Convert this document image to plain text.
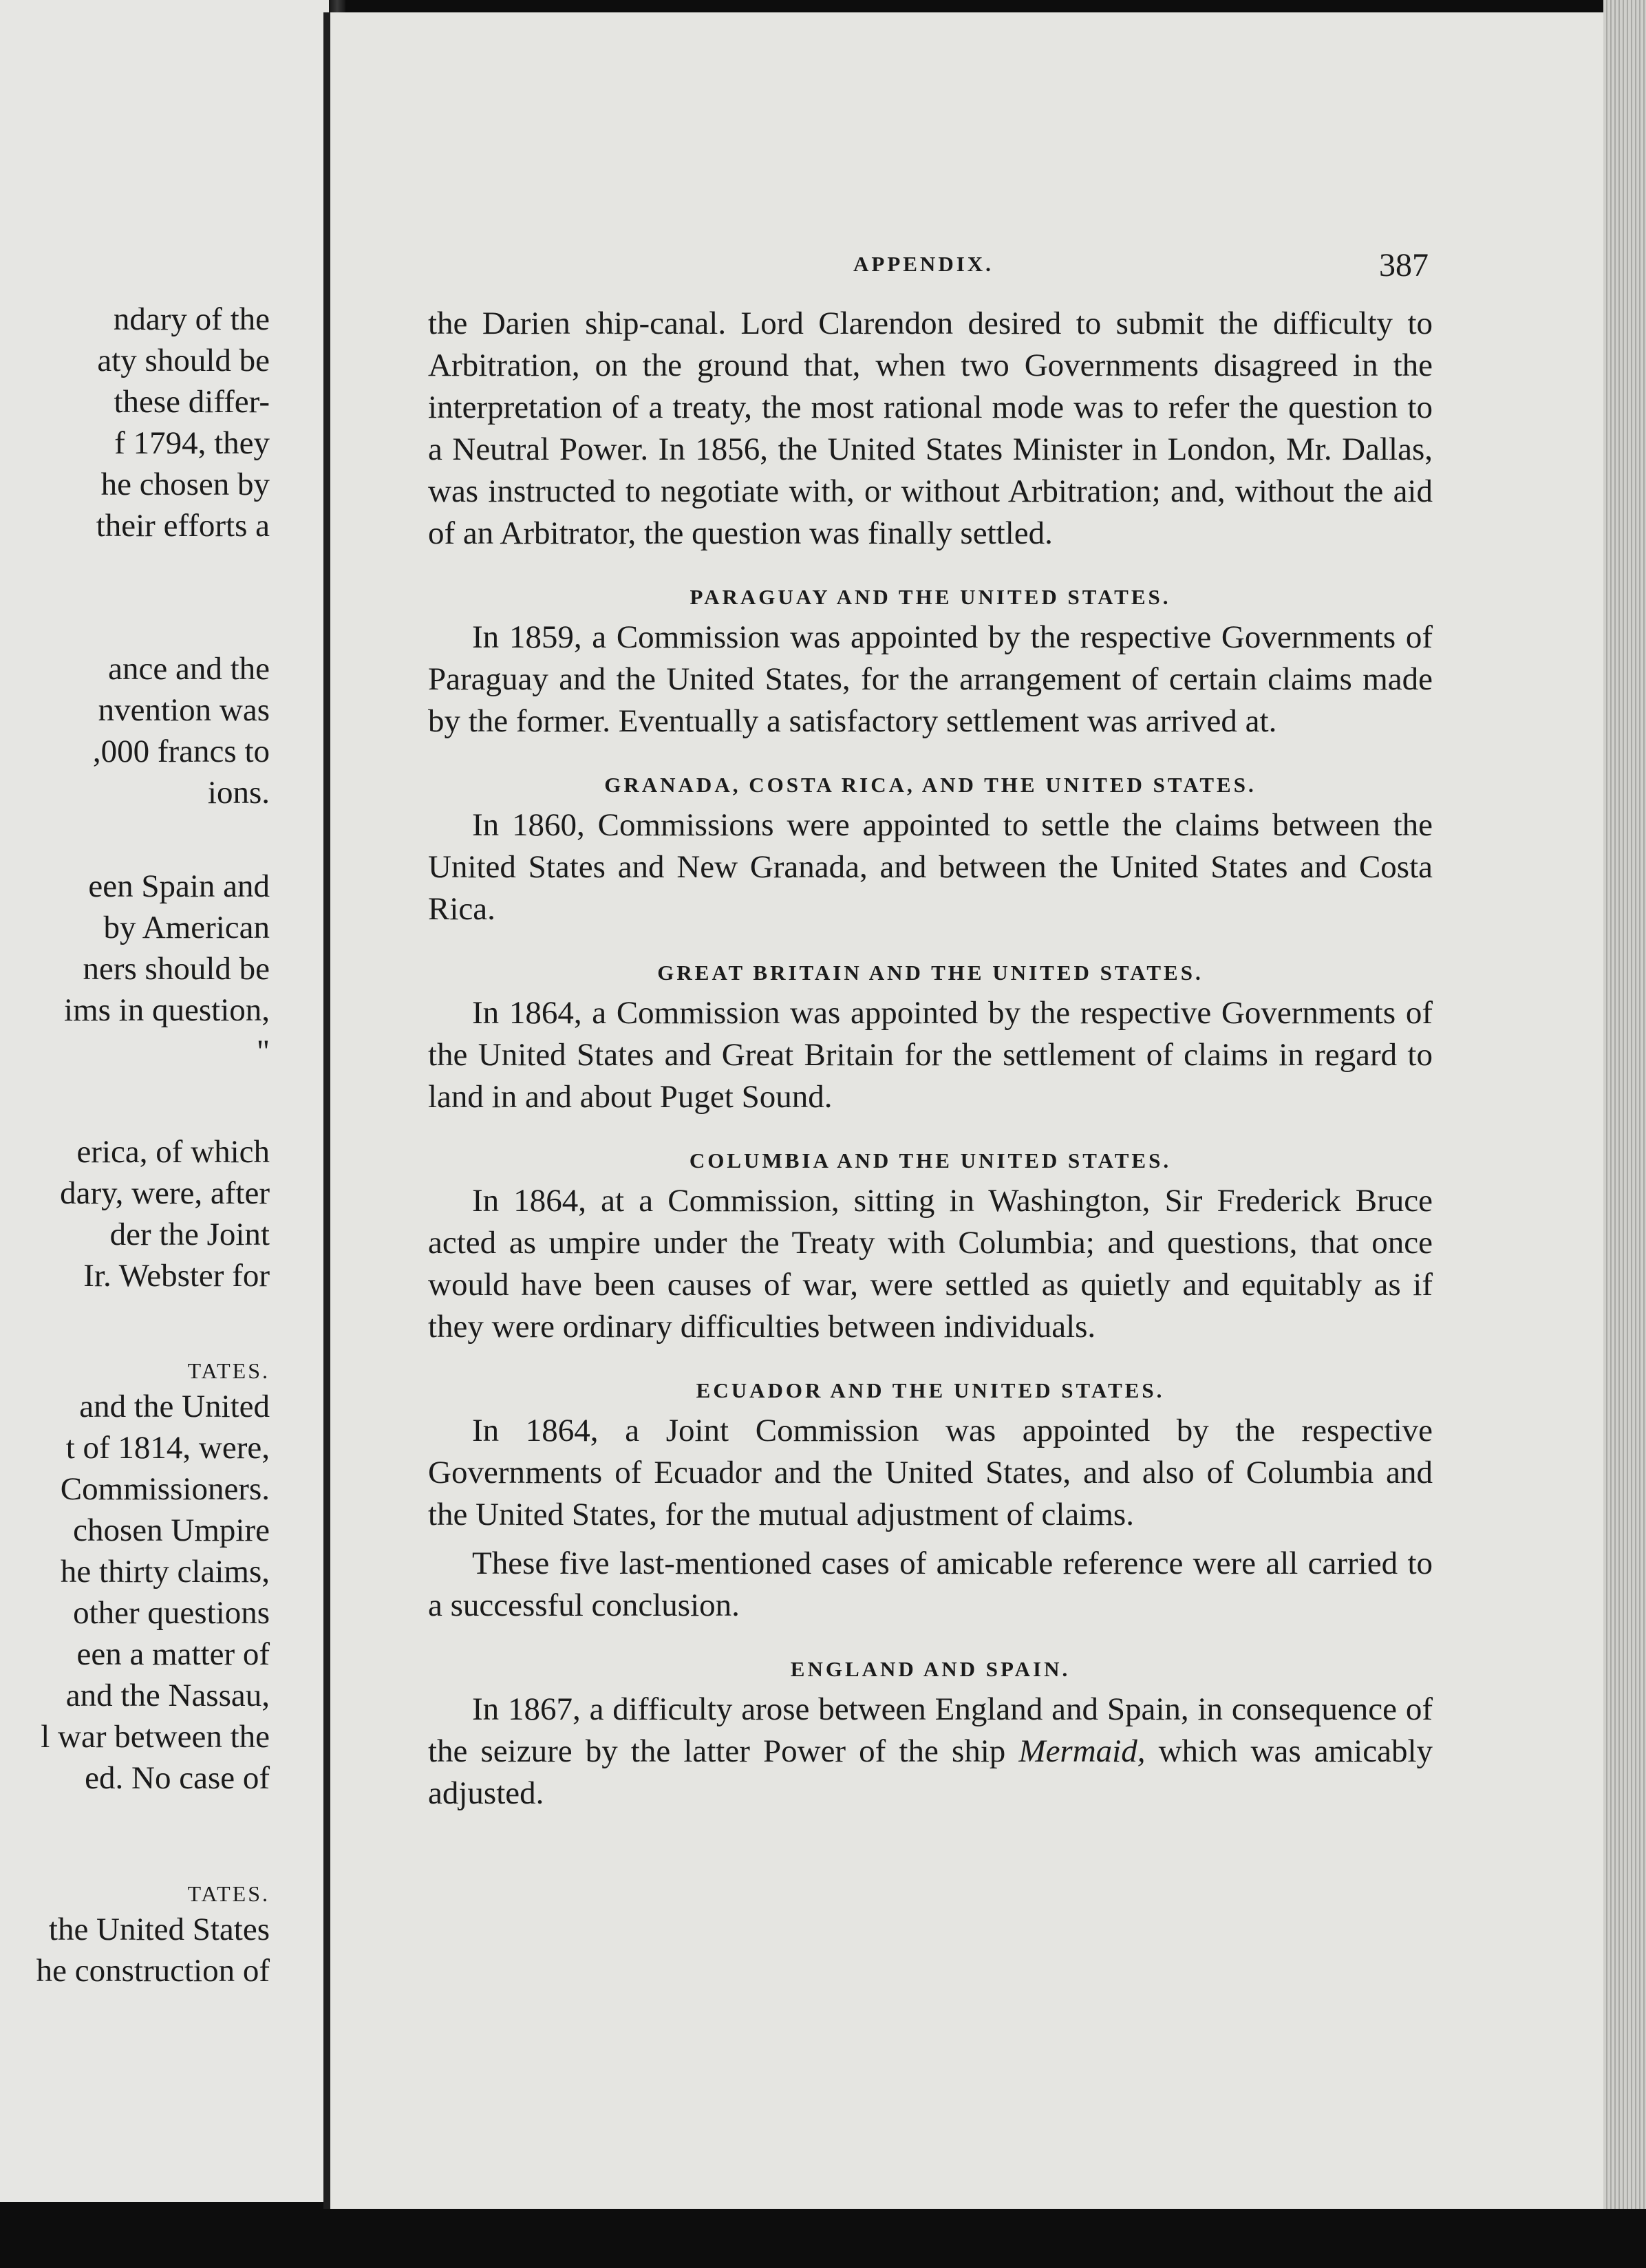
ndary of the
aty should be
these differ-
f 1794, they
he chosen by
their efforts a
ance and the
nvention was
,000 francs to
ions.
een Spain and
by American
ners should be
ims in question,
"
erica, of which
dary, were, after
der the Joint
Ir. Webster for
TATES.
and the United
t of 1814, were,
Commissioners.
chosen Umpire
he thirty claims,
other questions
een a matter of
and the Nassau,
l war between the
ed. No case of
TATES.
the United States
he construction of
APPENDIX.	387

the Darien ship-canal. Lord Clarendon desired to submit the difficulty to Arbitration, on the ground that, when two Governments disagreed in the interpretation of a treaty, the most rational mode was to refer the question to a Neutral Power. In 1856, the United States Minister in London, Mr. Dallas, was instructed to negotiate with, or without Arbitration; and, without the aid of an Arbitrator, the question was finally settled.

PARAGUAY AND THE UNITED STATES.

In 1859, a Commission was appointed by the respective Governments of Paraguay and the United States, for the arrangement of certain claims made by the former. Eventually a satisfactory settlement was arrived at.

GRANADA, COSTA RICA, AND THE UNITED STATES.

In 1860, Commissions were appointed to settle the claims between the United States and New Granada, and between the United States and Costa Rica.

GREAT BRITAIN AND THE UNITED STATES.

In 1864, a Commission was appointed by the respective Governments of the United States and Great Britain for the settlement of claims in regard to land in and about Puget Sound.

COLUMBIA AND THE UNITED STATES.

In 1864, at a Commission, sitting in Washington, Sir Frederick Bruce acted as umpire under the Treaty with Columbia; and questions, that once would have been causes of war, were settled as quietly and equitably as if they were ordinary difficulties between individuals.

ECUADOR AND THE UNITED STATES.

In 1864, a Joint Commission was appointed by the respective Governments of Ecuador and the United States, and also of Columbia and the United States, for the mutual adjustment of claims.

These five last-mentioned cases of amicable reference were all carried to a successful conclusion.

ENGLAND AND SPAIN.

In 1867, a difficulty arose between England and Spain, in consequence of the seizure by the latter Power of the ship Mermaid, which was amicably adjusted.
